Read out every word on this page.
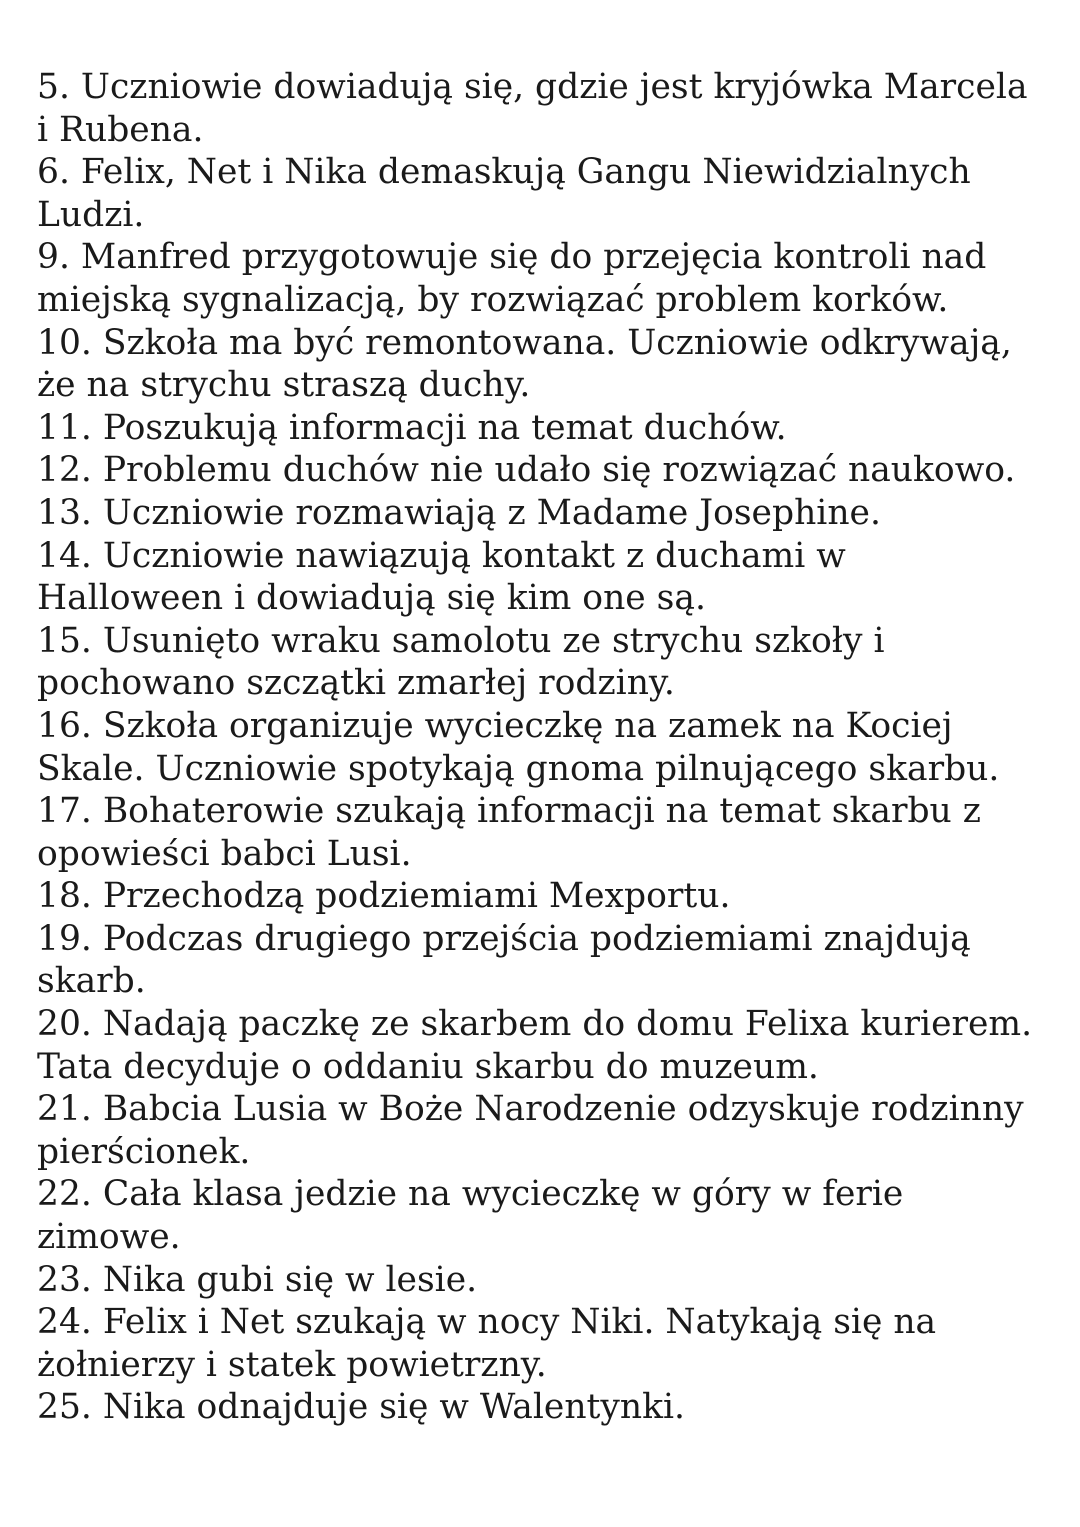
5. Uczniowie dowiadują się, gdzie jest kryjówka Marcela
i Rubena.
6. Felix, Net i Nika demaskują Gangu Niewidzialnych
Ludzi.
9. Manfred przygotowuje się do przejęcia kontroli nad
miejską sygnalizacją, by rozwiązać problem korków.
10. Szkoła ma być remontowana. Uczniowie odkrywają,
że na strychu straszą duchy.
11. Poszukują informacji na temat duchów.
12. Problemu duchów nie udało się rozwiązać naukowo.
13. Uczniowie rozmawiają z Madame Josephine.
14. Uczniowie nawiązują kontakt z duchami w
Halloween i dowiadują się kim one są.
15. Usunięto wraku samolotu ze strychu szkoły i
pochowano szczątki zmarłej rodziny.
16. Szkoła organizuje wycieczkę na zamek na Kociej
Skale. Uczniowie spotykają gnoma pilnującego skarbu.
17. Bohaterowie szukają informacji na temat skarbu z
opowieści babci Lusi.
18. Przechodzą podziemiami Mexportu.
19. Podczas drugiego przejścia podziemiami znajdują
skarb.
20. Nadają paczkę ze skarbem do domu Felixa kurierem.
Tata decyduje o oddaniu skarbu do muzeum.
21. Babcia Lusia w Boże Narodzenie odzyskuje rodzinny
pierścionek.
22. Cała klasa jedzie na wycieczkę w góry w ferie
zimowe.
23. Nika gubi się w lesie.
24. Felix i Net szukają w nocy Niki. Natykają się na
żołnierzy i statek powietrzny.
25. Nika odnajduje się w Walentynki.
